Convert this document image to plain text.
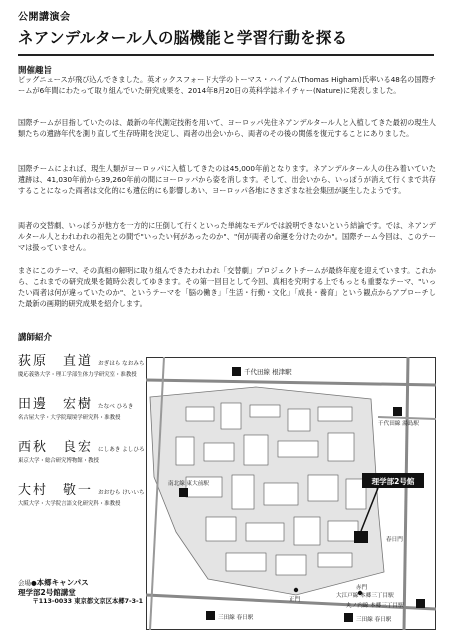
公開講演会
ネアンデルタール人の脳機能と学習行動を探る
開催趣旨
ビッグニュースが飛び込んできました。英オックスフォード大学のトーマス・ハイアム(Thomas Higham)氏率いる48名の国際チームが6年間にわたって取り組んでいた研究成果を、2014年8月20日の英科学誌ネイチャー(Nature)に発表しました。
国際チームが目指していたのは、最新の年代測定技術を用いて、ヨーロッパ先住ネアンデルタール人と入植してきた最初の現生人類たちの遺跡年代を測り直して生存時期を決定し、両者の出会いから、両者のその後の関係を復元することにありました。
国際チームによれば、現生人類がヨーロッパに入植してきたのは45,000年前となります。ネアンデルタール人の住み着いていた遺跡は、41,030年前から39,260年前の間にヨーロッパから姿を消します。そして、出会いから、いっぽうが消えて行くまで共存することになった両者は文化的にも遺伝的にも影響しあい、ヨーロッパ各地にさまざまな社会集団が誕生したようです。
両者の交替劇、いっぽうが他方を一方的に圧倒して行くといった単純なモデルでは説明できないという結論です。では、ネアンデルタール人とわれわれの祖先との間で"いったい何があったのか"、"何が両者の命運を分けたのか"。国際チーム今回は、このテーマは扱っていません。
まさにこのテーマ、その真相の解明に取り組んできたわれわれ「交替劇」プロジェクトチームが最終年度を迎えています。これから、これまでの研究成果を随時公表してゆきます。その第一回目として今回、真相を究明する上でもっとも重要なテーマ、"いったい両者は何が違っていたのか"、というテーマを「脳の働き」「生活・行動・文化」「成長・養育」という観点からアプローチした最新の画期的研究成果を紹介します。
講師紹介
荻原　直道 おぎはら なおみち
慶応義塾大学・理工学部生体力学研究室・准教授
田邊　宏樹 たなべ ひろき
名古屋大学・大学院環境学研究科・准教授
西秋　良宏 にしあき よしひろ
東京大学・総合研究博物館・教授
大村　敬一 おおむら けいいち
大阪大学・大学院言語文化研究科・准教授
会場●本郷キャンパス
理学部2号館講堂
〒113-0033 東京都文京区本郷7-3-1
理学部2号館
千代田線 根津駅
千代田線 湯島駅
南北線 東大前駅
正門
赤門
春日門
大江戸線 本郷三丁目駅
丸ノ内線 本郷三丁目駅
三田線 春日駅	三田線 春日駅
